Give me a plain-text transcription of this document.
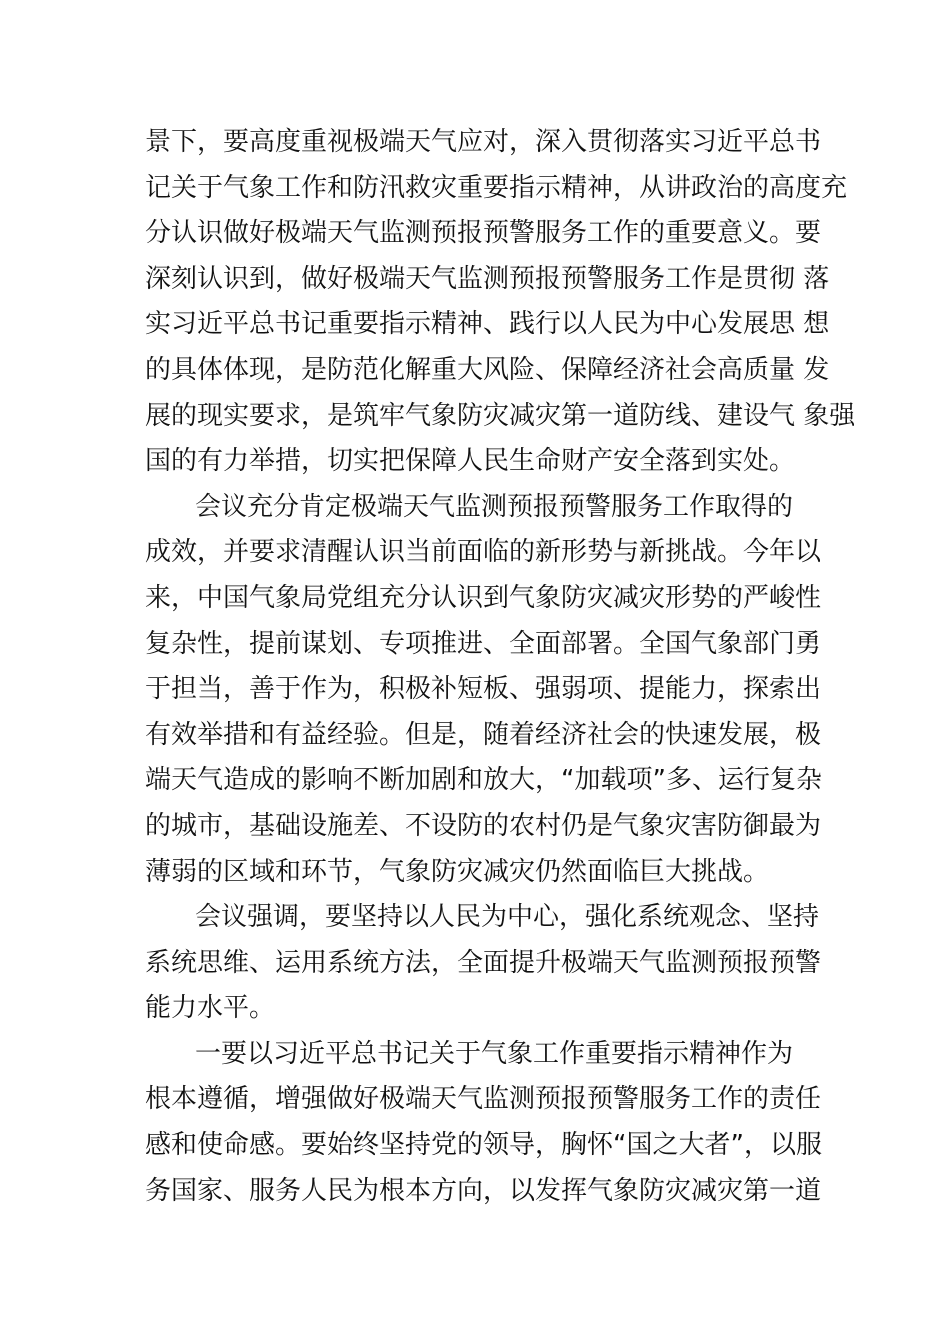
景下，要高度重视极端天气应对，深入贯彻落实习近平总书
记关于气象工作和防汛救灾重要指示精神，从讲政治的高度充
分认识做好极端天气监测预报预警服务工作的重要意义。要
深刻认识到，做好极端天气监测预报预警服务工作是贯彻 落
实习近平总书记重要指示精神、践行以人民为中心发展思 想
的具体体现，是防范化解重大风险、保障经济社会高质量 发
展的现实要求，是筑牢气象防灾减灾第一道防线、建设气 象强
国的有力举措，切实把保障人民生命财产安全落到实处。

会议充分肯定极端天气监测预报预警服务工作取得的
成效，并要求清醒认识当前面临的新形势与新挑战。今年以
来，中国气象局党组充分认识到气象防灾减灾形势的严峻性
复杂性，提前谋划、专项推进、全面部署。全国气象部门勇
于担当，善于作为，积极补短板、强弱项、提能力，探索出
有效举措和有益经验。但是，随着经济社会的快速发展，极
端天气造成的影响不断加剧和放大，“加载项”多、运行复杂
的城市，基础设施差、不设防的农村仍是气象灾害防御最为
薄弱的区域和环节，气象防灾减灾仍然面临巨大挑战。

会议强调，要坚持以人民为中心，强化系统观念、坚持
系统思维、运用系统方法，全面提升极端天气监测预报预警
能力水平。

一要以习近平总书记关于气象工作重要指示精神作为
根本遵循，增强做好极端天气监测预报预警服务工作的责任
感和使命感。要始终坚持党的领导，胸怀“国之大者”，以服
务国家、服务人民为根本方向，以发挥气象防灾减灾第一道
